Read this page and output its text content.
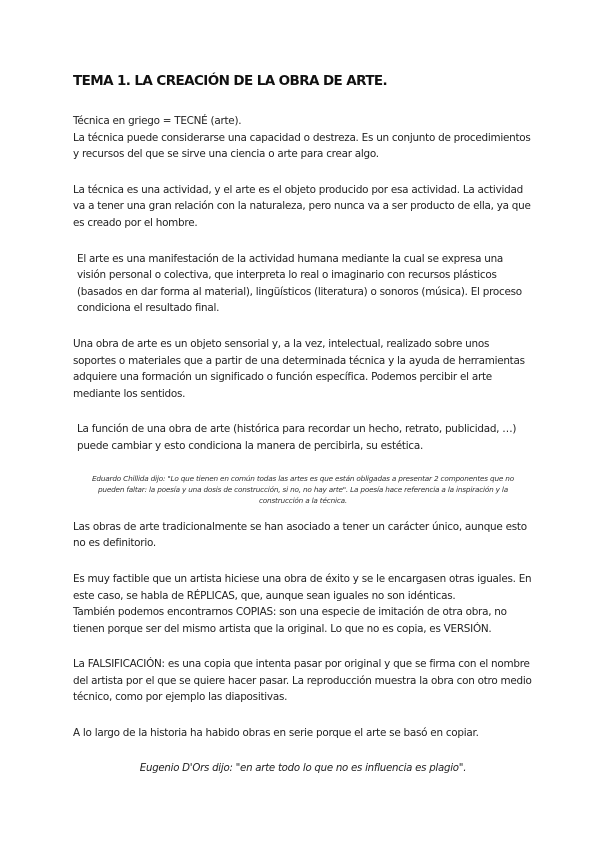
TEMA 1. LA CREACIÓN DE LA OBRA DE ARTE.
Técnica en griego = TECNÉ (arte).
La técnica puede considerarse una capacidad o destreza. Es un conjunto de procedimientos y recursos del que se sirve una ciencia o arte para crear algo.

La técnica es una actividad, y el arte es el objeto producido por esa actividad. La actividad va a tener una gran relación con la naturaleza, pero nunca va a ser producto de ella, ya que es creado por el hombre.

El arte es una manifestación de la actividad humana mediante la cual se expresa una visión personal o colectiva, que interpreta lo real o imaginario con recursos plásticos (basados en dar forma al material), lingüísticos (literatura) o sonoros (música). El proceso condiciona el resultado final.

Una obra de arte es un objeto sensorial y, a la vez, intelectual, realizado sobre unos soportes o materiales que a partir de una determinada técnica y la ayuda de herramientas adquiere una formación un significado o función específica. Podemos percibir el arte mediante los sentidos.

La función de una obra de arte (histórica para recordar un hecho, retrato, publicidad, …) puede cambiar y esto condiciona la manera de percibirla, su estética.

Eduardo Chillida dijo: "Lo que tienen en común todas las artes es que están obligadas a presentar 2 componentes que no pueden faltar: la poesía y una dosis de construcción, si no, no hay arte". La poesía hace referencia a la inspiración y la construcción a la técnica.

Las obras de arte tradicionalmente se han asociado a tener un carácter único, aunque esto no es definitorio.

Es muy factible que un artista hiciese una obra de éxito y se le encargasen otras iguales. En este caso, se habla de RÉPLICAS, que, aunque sean iguales no son idénticas.
También podemos encontrarnos COPIAS: son una especie de imitación de otra obra, no tienen porque ser del mismo artista que la original. Lo que no es copia, es VERSIÓN.

La FALSIFICACIÓN: es una copia que intenta pasar por original y que se firma con el nombre del artista por el que se quiere hacer pasar. La reproducción muestra la obra con otro medio técnico, como por ejemplo las diapositivas.

A lo largo de la historia ha habido obras en serie porque el arte se basó en copiar.

Eugenio D'Ors dijo: "en arte todo lo que no es influencia es plagio".
